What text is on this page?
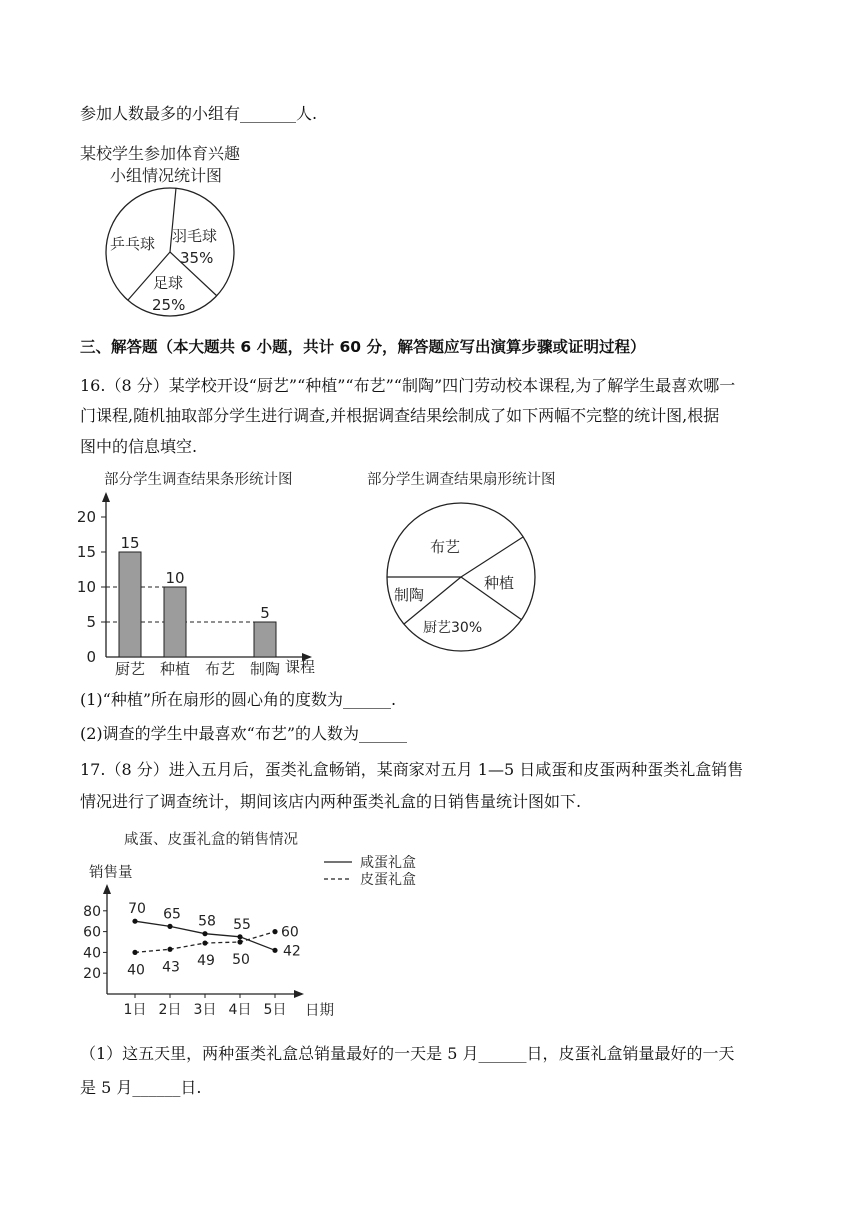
参加人数最多的小组有_______人.
某校学生参加体育兴趣
小组情况统计图
乒乓球 羽毛球
35%
足球
25%
三、解答题（本大题共 6 小题，共计 60 分，解答题应写出演算步骤或证明过程）
16.（8 分）某学校开设“厨艺”“种植”“布艺”“制陶”四门劳动校本课程,为了解学生最喜欢哪一
门课程,随机抽取部分学生进行调查,并根据调查结果绘制成了如下两幅不完整的统计图,根据
图中的信息填空.
部分学生调查结果条形统计图
课程
0
5
10
15
20
15
厨艺
10
种植 布艺
5
制陶
部分学生调查结果扇形统计图
布艺
种植
制陶
厨艺30%
(1)“种植”所在扇形的圆心角的度数为______.
(2)调查的学生中最喜欢“布艺”的人数为______
17.（8 分）进入五月后，蛋类礼盒畅销，某商家对五月 1—5 日咸蛋和皮蛋两种蛋类礼盒销售
情况进行了调查统计，期间该店内两种蛋类礼盒的日销售量统计图如下.
咸蛋、皮蛋礼盒的销售情况
销售量
日期
咸蛋礼盒
皮蛋礼盒
20
40
60
80
1日 2日 3日 4日 5日
70 65 58 55
42
40 43 49 50
60
（1）这五天里，两种蛋类礼盒总销量最好的一天是 5 月______日，皮蛋礼盒销量最好的一天
是 5 月______日.
